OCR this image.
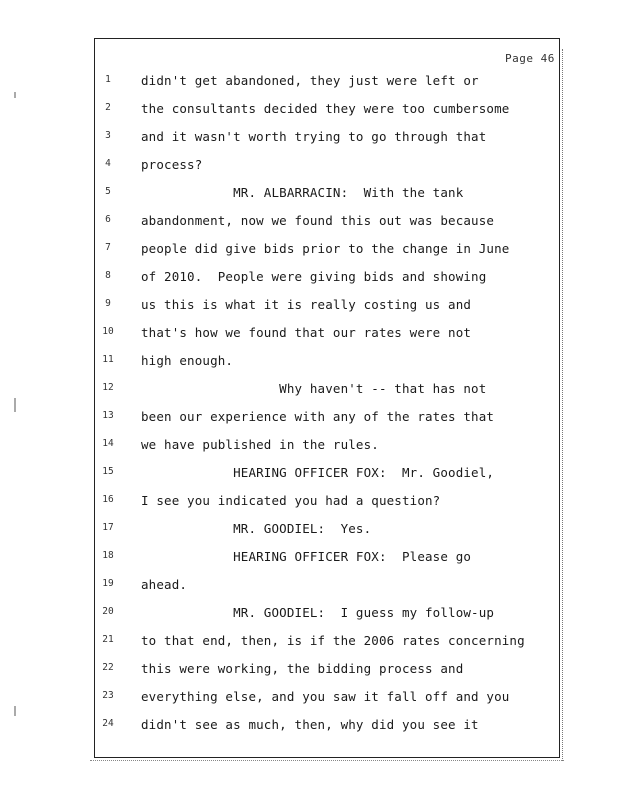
Page 46
1	didn't get abandoned, they just were left or
2	the consultants decided they were too cumbersome
3	and it wasn't worth trying to go through that
4	process?
5	MR. ALBARRACIN:  With the tank
6	abandonment, now we found this out was because
7	people did give bids prior to the change in June
8	of 2010.  People were giving bids and showing
9	us this is what it is really costing us and
10	that's how we found that our rates were not
11	high enough.
12	Why haven't -- that has not
13	been our experience with any of the rates that
14	we have published in the rules.
15	HEARING OFFICER FOX:  Mr. Goodiel,
16	I see you indicated you had a question?
17	MR. GOODIEL:  Yes.
18	HEARING OFFICER FOX:  Please go
19	ahead.
20	MR. GOODIEL:  I guess my follow-up
21	to that end, then, is if the 2006 rates concerning
22	this were working, the bidding process and
23	everything else, and you saw it fall off and you
24	didn't see as much, then, why did you see it
